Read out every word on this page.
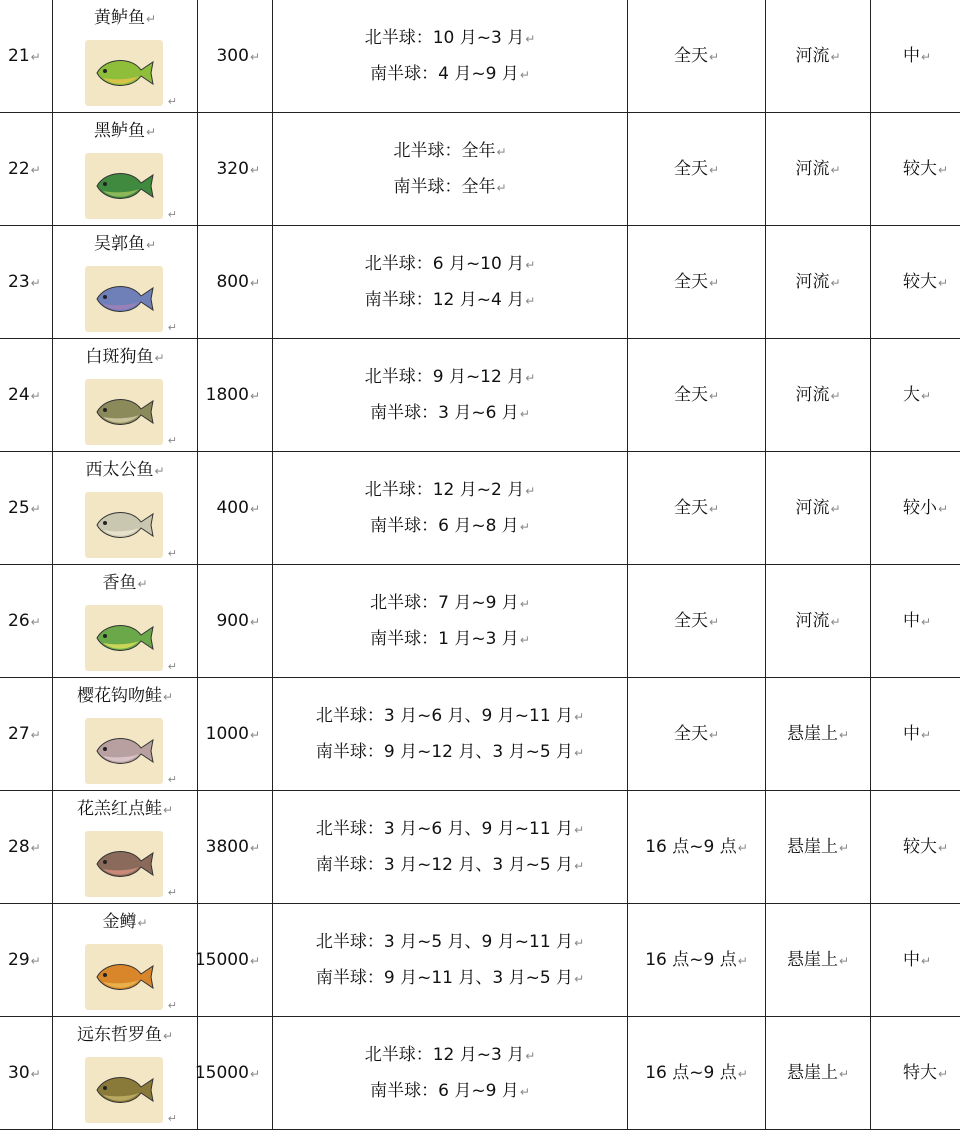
21↵
黄鲈鱼↵
↵
300↵
北半球：10 月~3 月↵
南半球：4 月~9 月↵
全天↵	河流↵	中↵
22↵
黑鲈鱼↵
↵
320↵
北半球：全年↵
南半球：全年↵
全天↵	河流↵	较大↵
23↵
吴郭鱼↵
↵
800↵
北半球：6 月~10 月↵
南半球：12 月~4 月↵
全天↵	河流↵	较大↵
24↵
白斑狗鱼↵
↵
1800↵
北半球：9 月~12 月↵
南半球：3 月~6 月↵
全天↵	河流↵	大↵
25↵
西太公鱼↵
↵
400↵
北半球：12 月~2 月↵
南半球：6 月~8 月↵
全天↵	河流↵	较小↵
26↵
香鱼↵
↵
900↵
北半球：7 月~9 月↵
南半球：1 月~3 月↵
全天↵	河流↵	中↵
27↵
樱花钩吻鲑↵
↵
1000↵
北半球：3 月~6 月、9 月~11 月↵
南半球：9 月~12 月、3 月~5 月↵
全天↵	悬崖上↵	中↵
28↵
花羔红点鲑↵
↵
3800↵
北半球：3 月~6 月、9 月~11 月↵
南半球：3 月~12 月、3 月~5 月↵
16 点~9 点↵	悬崖上↵	较大↵
29↵
金鳟↵
↵
15000↵
北半球：3 月~5 月、9 月~11 月↵
南半球：9 月~11 月、3 月~5 月↵
16 点~9 点↵	悬崖上↵	中↵
30↵
远东哲罗鱼↵
↵
15000↵
北半球：12 月~3 月↵
南半球：6 月~9 月↵
16 点~9 点↵	悬崖上↵	特大↵
